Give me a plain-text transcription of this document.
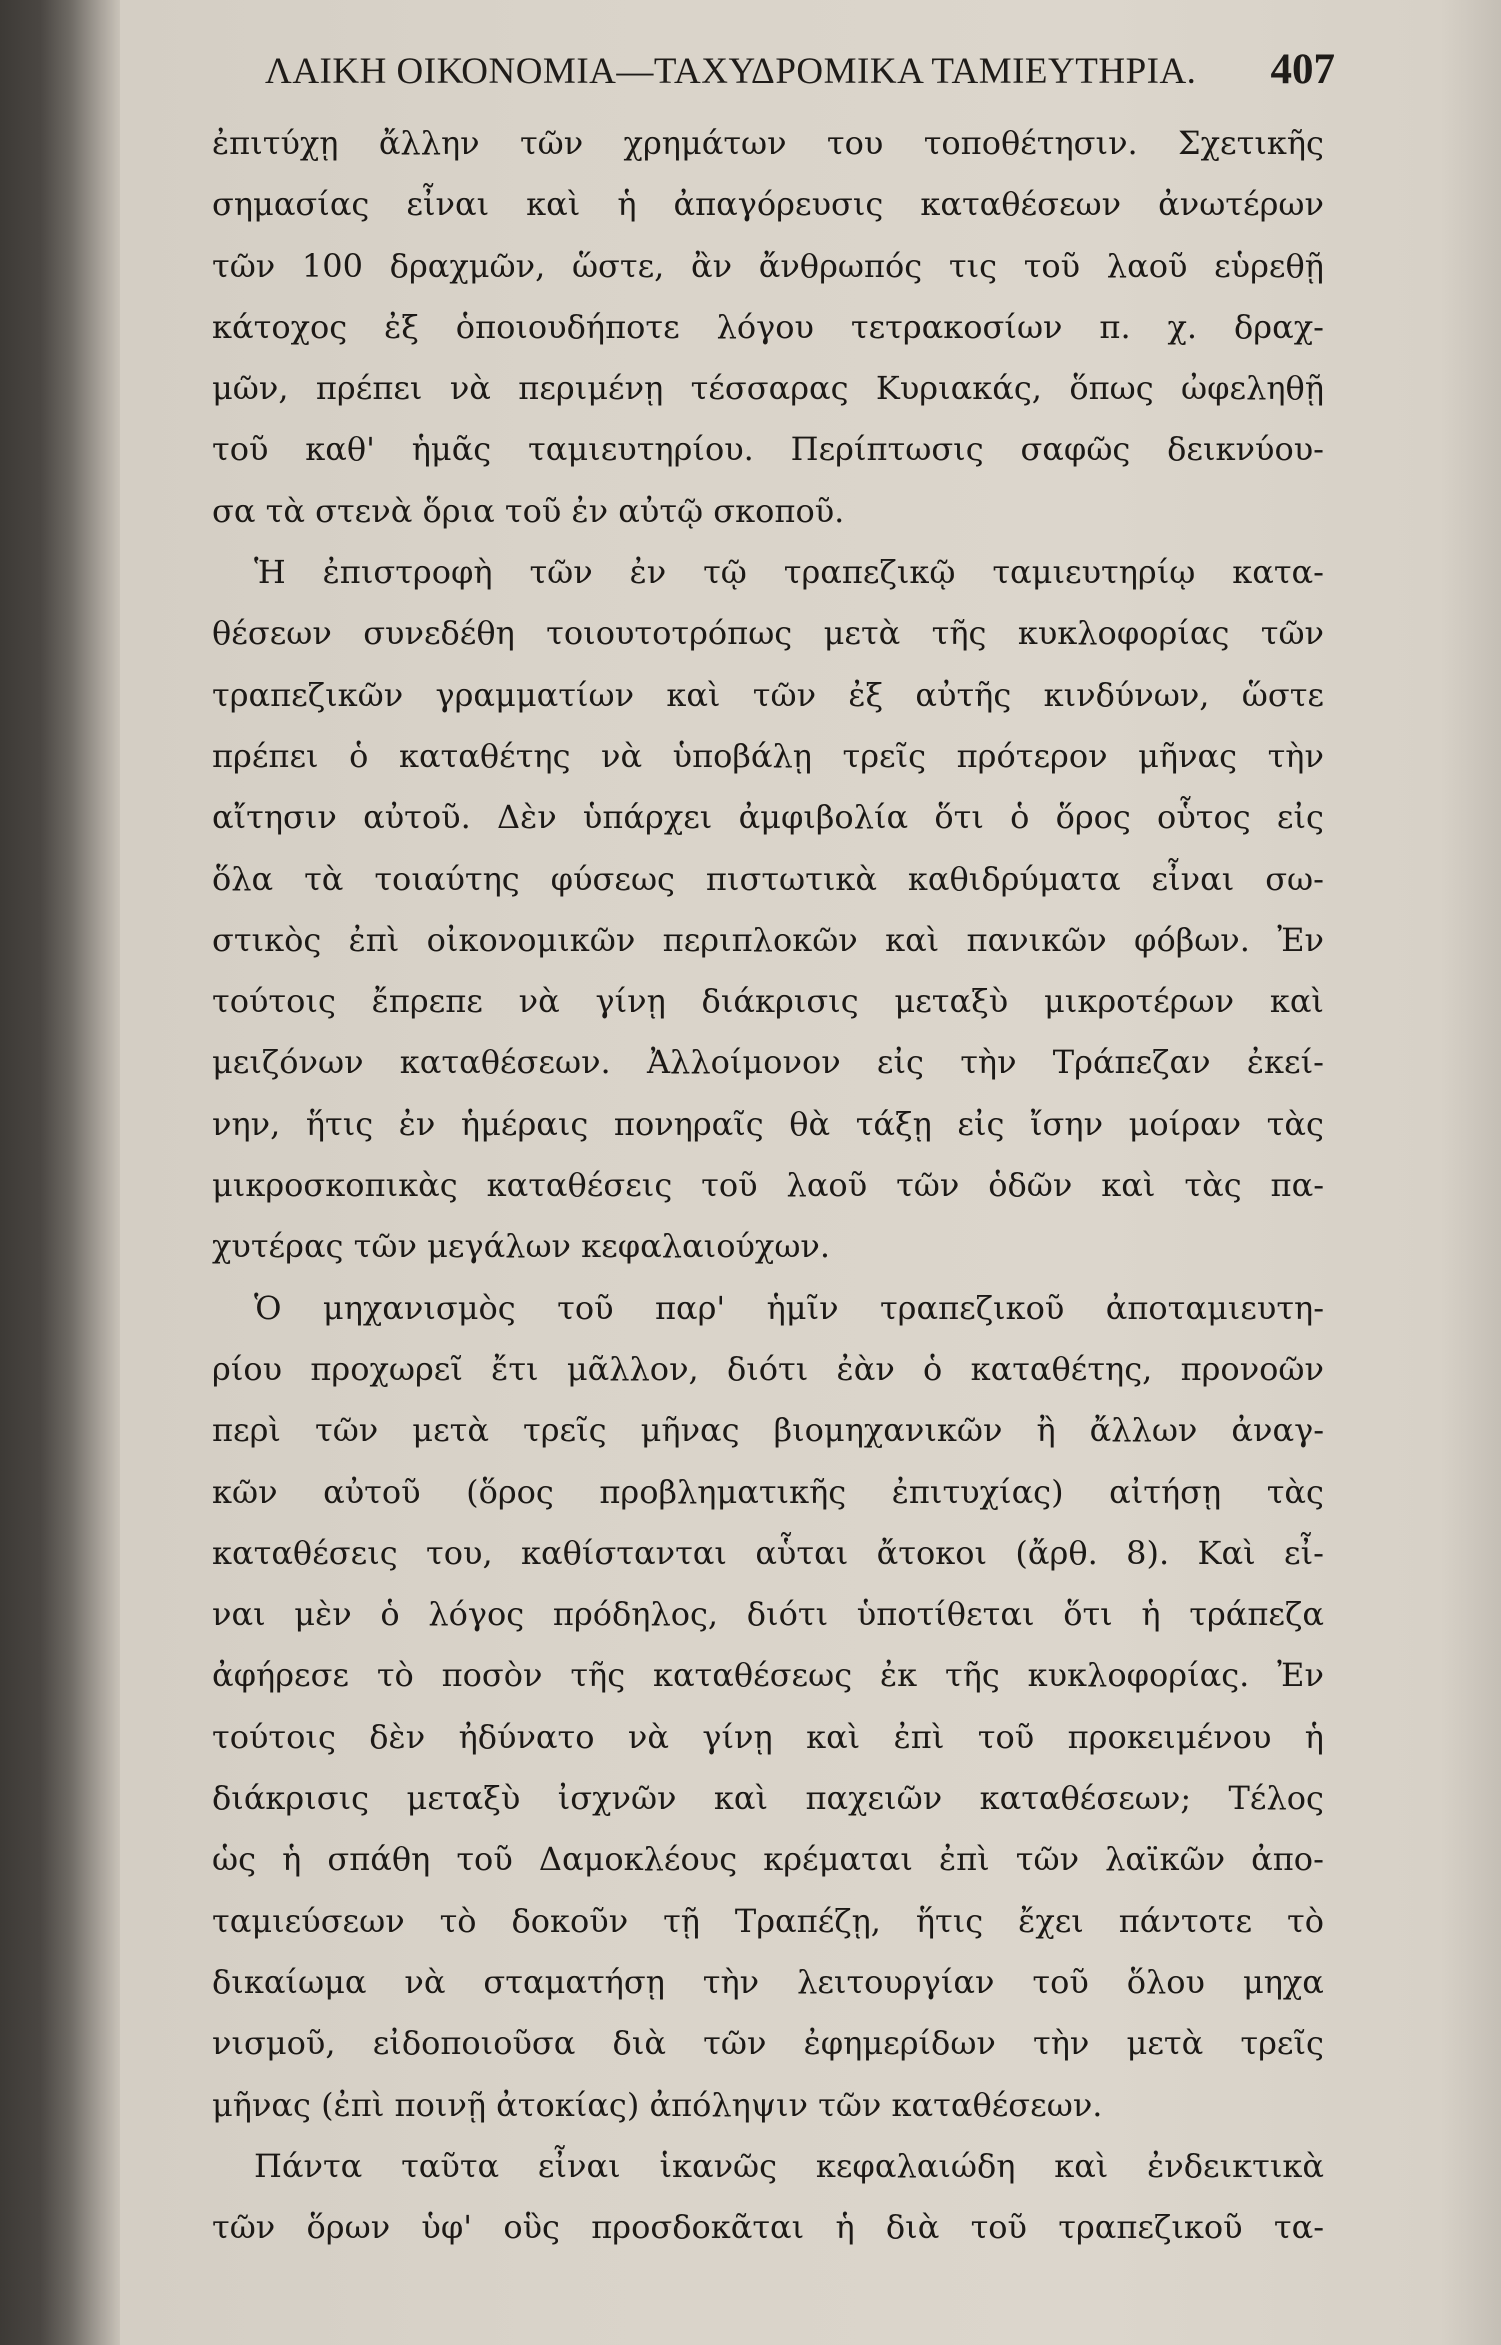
ΛΑΙΚΗ ΟΙΚΟΝΟΜΙΑ—ΤΑΧΥΔΡΟΜΙΚΑ ΤΑΜΙΕΥΤΗΡΙΑ. 407
ἐπιτύχῃ ἄλλην τῶν χρημάτων του τοποθέτησιν. Σχετικῆς
σημασίας εἶναι καὶ ἡ ἀπαγόρευσις καταθέσεων ἀνωτέρων
τῶν 100 δραχμῶν, ὥστε, ἂν ἄνθρωπός τις τοῦ λαοῦ εὑρεθῇ
κάτοχος ἐξ ὁποιουδήποτε λόγου τετρακοσίων π. χ. δραχ-
μῶν, πρέπει νὰ περιμένῃ τέσσαρας Κυριακάς, ὅπως ὠφεληθῇ
τοῦ καθ' ἡμᾶς ταμιευτηρίου. Περίπτωσις σαφῶς δεικνύου-
σα τὰ στενὰ ὅρια τοῦ ἐν αὐτῷ σκοποῦ.
Ἡ ἐπιστροφὴ τῶν ἐν τῷ τραπεζικῷ ταμιευτηρίῳ κατα-
θέσεων συνεδέθη τοιουτοτρόπως μετὰ τῆς κυκλοφορίας τῶν
τραπεζικῶν γραμματίων καὶ τῶν ἐξ αὐτῆς κινδύνων, ὥστε
πρέπει ὁ καταθέτης νὰ ὑποβάλῃ τρεῖς πρότερον μῆνας τὴν
αἴτησιν αὐτοῦ. Δὲν ὑπάρχει ἀμφιβολία ὅτι ὁ ὅρος οὗτος εἰς
ὅλα τὰ τοιαύτης φύσεως πιστωτικὰ καθιδρύματα εἶναι σω-
στικὸς ἐπὶ οἰκονομικῶν περιπλοκῶν καὶ πανικῶν φόβων. Ἐν
τούτοις ἔπρεπε νὰ γίνῃ διάκρισις μεταξὺ μικροτέρων καὶ
μειζόνων καταθέσεων. Ἀλλοίμονον εἰς τὴν Τράπεζαν ἐκεί-
νην, ἥτις ἐν ἡμέραις πονηραῖς θὰ τάξῃ εἰς ἴσην μοίραν τὰς
μικροσκοπικὰς καταθέσεις τοῦ λαοῦ τῶν ὁδῶν καὶ τὰς πα-
χυτέρας τῶν μεγάλων κεφαλαιούχων.
Ὁ μηχανισμὸς τοῦ παρ' ἡμῖν τραπεζικοῦ ἀποταμιευτη-
ρίου προχωρεῖ ἔτι μᾶλλον, διότι ἐὰν ὁ καταθέτης, προνοῶν
περὶ τῶν μετὰ τρεῖς μῆνας βιομηχανικῶν ἢ ἄλλων ἀναγ-
κῶν αὐτοῦ (ὅρος προβληματικῆς ἐπιτυχίας) αἰτήσῃ τὰς
καταθέσεις του, καθίστανται αὗται ἄτοκοι (ἄρθ. 8). Καὶ εἶ-
ναι μὲν ὁ λόγος πρόδηλος, διότι ὑποτίθεται ὅτι ἡ τράπεζα
ἀφήρεσε τὸ ποσὸν τῆς καταθέσεως ἐκ τῆς κυκλοφορίας. Ἐν
τούτοις δὲν ἠδύνατο νὰ γίνῃ καὶ ἐπὶ τοῦ προκειμένου ἡ
διάκρισις μεταξὺ ἰσχνῶν καὶ παχειῶν καταθέσεων; Τέλος
ὡς ἡ σπάθη τοῦ Δαμοκλέους κρέμαται ἐπὶ τῶν λαϊκῶν ἀπο-
ταμιεύσεων τὸ δοκοῦν τῇ Τραπέζῃ, ἥτις ἔχει πάντοτε τὸ
δικαίωμα νὰ σταματήσῃ τὴν λειτουργίαν τοῦ ὅλου μηχα
νισμοῦ, εἰδοποιοῦσα διὰ τῶν ἐφημερίδων τὴν μετὰ τρεῖς
μῆνας (ἐπὶ ποινῇ ἀτοκίας) ἀπόληψιν τῶν καταθέσεων.
Πάντα ταῦτα εἶναι ἱκανῶς κεφαλαιώδη καὶ ἐνδεικτικὰ
τῶν ὅρων ὑφ' οὓς προσδοκᾶται ἡ διὰ τοῦ τραπεζικοῦ τα-
